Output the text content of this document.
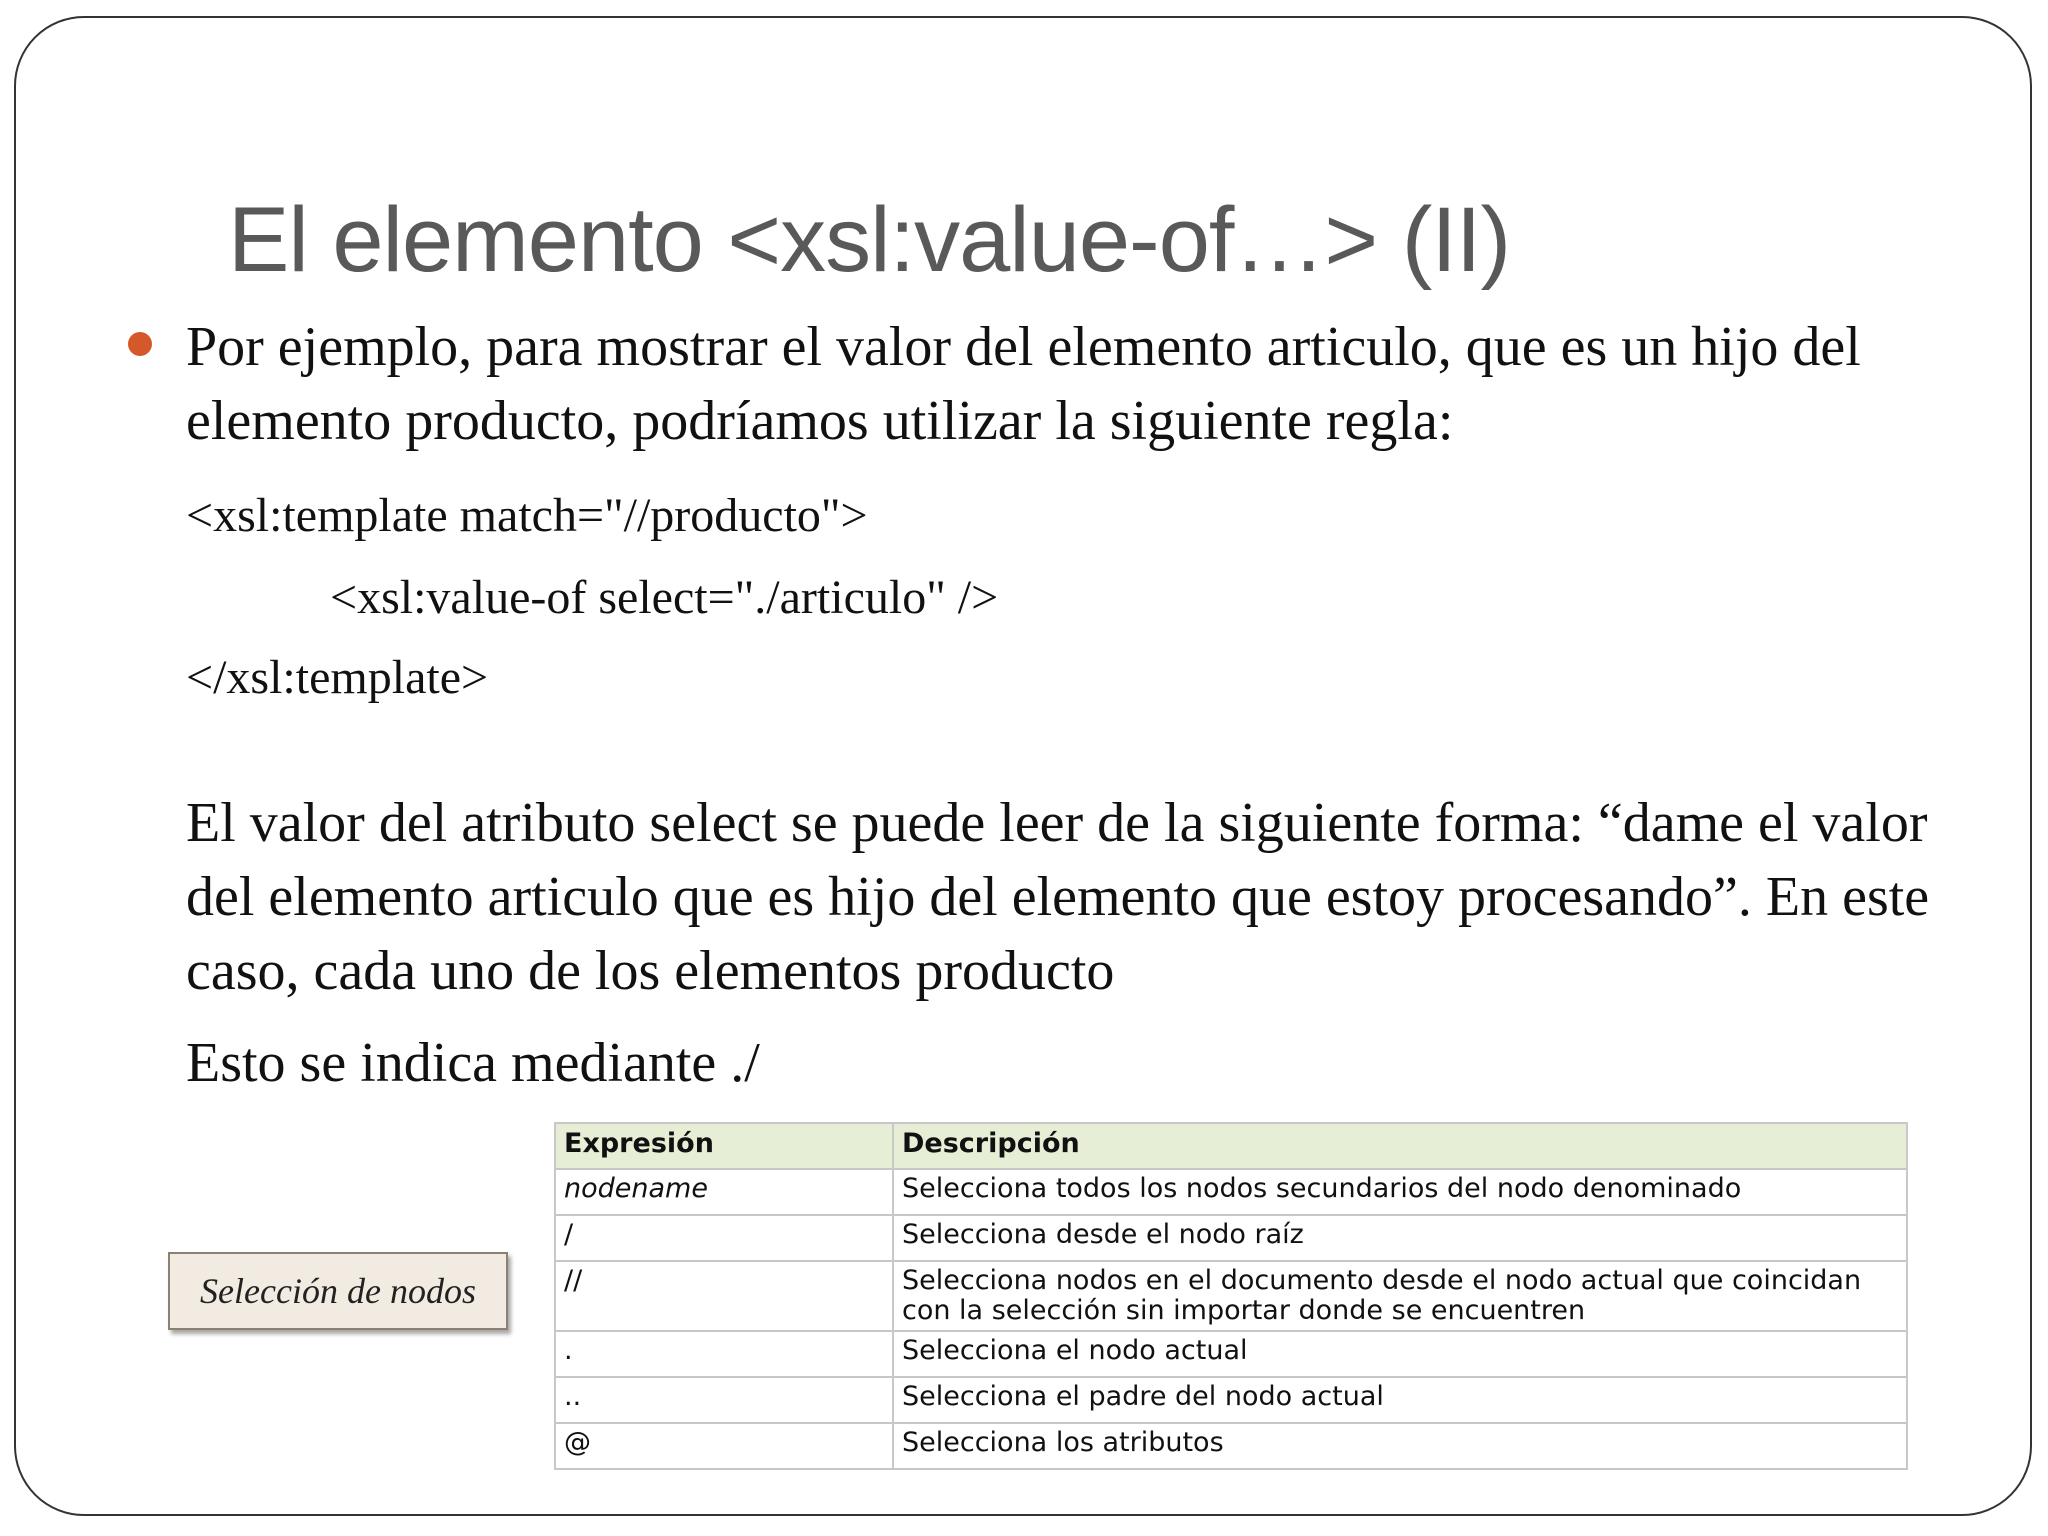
El elemento <xsl:value-of…> (II)
Por ejemplo, para mostrar el valor del elemento articulo, que es un hijo del elemento producto, podríamos utilizar la siguiente regla:
<xsl:template match="//producto">
<xsl:value-of select="./articulo" />
</xsl:template>
El valor del atributo select se puede leer de la siguiente forma: “dame el valor del elemento articulo que es hijo del elemento que estoy procesando”. En este caso, cada uno de los elementos producto
Esto se indica mediante ./
Selección de nodos
Expresión	Descripción
nodename	Selecciona todos los nodos secundarios del nodo denominado
/	Selecciona desde el nodo raíz
//	Selecciona nodos en el documento desde el nodo actual que coincidan con la selección sin importar donde se encuentren
.	Selecciona el nodo actual
..	Selecciona el padre del nodo actual
@	Selecciona los atributos
